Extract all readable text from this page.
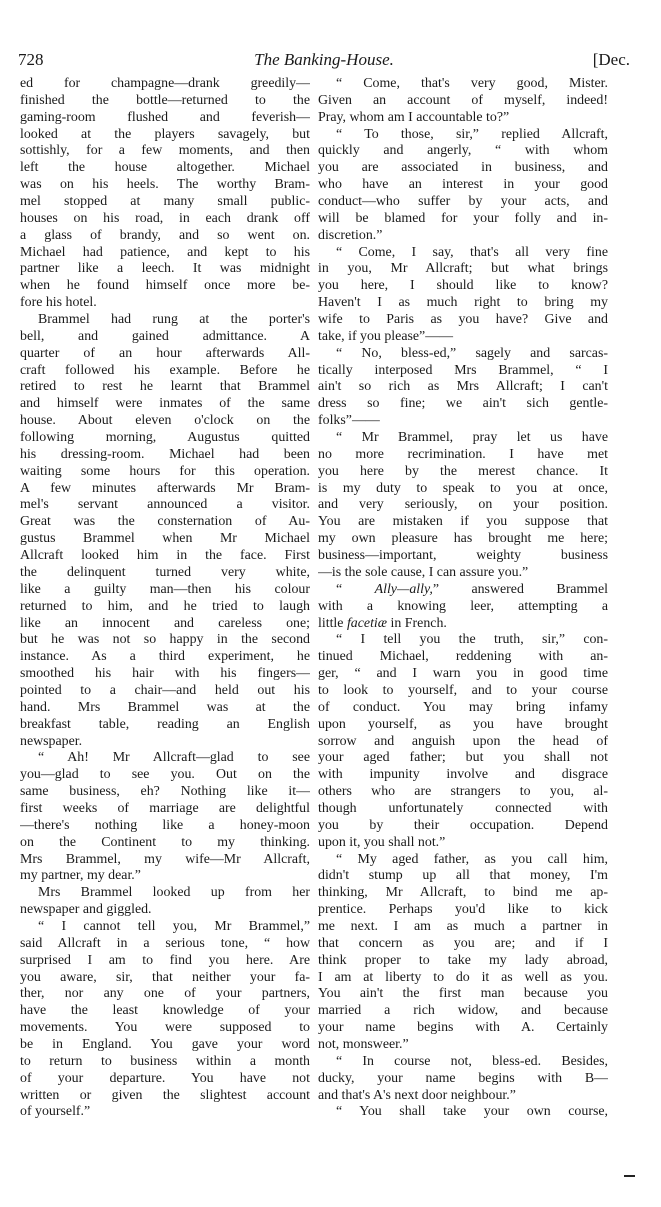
The Banking-House.
728	[Dec.
ed for champagne—drank greedily—
finished the bottle—returned to the
gaming-room flushed and feverish—
looked at the players savagely, but
sottishly, for a few moments, and then
left the house altogether. Michael
was on his heels. The worthy Bram-
mel stopped at many small public-
houses on his road, in each drank off
a glass of brandy, and so went on.
Michael had patience, and kept to his
partner like a leech. It was midnight
when he found himself once more be-
fore his hotel.
Brammel had rung at the porter's
bell, and gained admittance. A
quarter of an hour afterwards All-
craft followed his example. Before he
retired to rest he learnt that Brammel
and himself were inmates of the same
house. About eleven o'clock on the
following morning, Augustus quitted
his dressing-room. Michael had been
waiting some hours for this operation.
A few minutes afterwards Mr Bram-
mel's servant announced a visitor.
Great was the consternation of Au-
gustus Brammel when Mr Michael
Allcraft looked him in the face. First
the delinquent turned very white,
like a guilty man—then his colour
returned to him, and he tried to laugh
like an innocent and careless one;
but he was not so happy in the second
instance. As a third experiment, he
smoothed his hair with his fingers—
pointed to a chair—and held out his
hand. Mrs Brammel was at the
breakfast table, reading an English
newspaper.
“ Ah! Mr Allcraft—glad to see
you—glad to see you. Out on the
same business, eh? Nothing like it—
first weeks of marriage are delightful
—there's nothing like a honey-moon
on the Continent to my thinking.
Mrs Brammel, my wife—Mr Allcraft,
my partner, my dear.”
Mrs Brammel looked up from her
newspaper and giggled.
“ I cannot tell you, Mr Brammel,”
said Allcraft in a serious tone, “ how
surprised I am to find you here. Are
you aware, sir, that neither your fa-
ther, nor any one of your partners,
have the least knowledge of your
movements. You were supposed to
be in England. You gave your word
to return to business within a month
of your departure. You have not
written or given the slightest account
of yourself.”
“ Come, that's very good, Mister.
Given an account of myself, indeed!
Pray, whom am I accountable to?”
“ To those, sir,” replied Allcraft,
quickly and angerly, “ with whom
you are associated in business, and
who have an interest in your good
conduct—who suffer by your acts, and
will be blamed for your folly and in-
discretion.”
“ Come, I say, that's all very fine
in you, Mr Allcraft; but what brings
you here, I should like to know?
Haven't I as much right to bring my
wife to Paris as you have? Give and
take, if you please”——
“ No, bless-ed,” sagely and sarcas-
tically interposed Mrs Brammel, “ I
ain't so rich as Mrs Allcraft; I can't
dress so fine; we ain't sich gentle-
folks”——
“ Mr Brammel, pray let us have
no more recrimination. I have met
you here by the merest chance. It
is my duty to speak to you at once,
and very seriously, on your position.
You are mistaken if you suppose that
my own pleasure has brought me here;
business—important, weighty business
—is the sole cause, I can assure you.”
“ Ally—ally,” answered Brammel
with a knowing leer, attempting a
little facetiæ in French.
“ I tell you the truth, sir,” con-
tinued Michael, reddening with an-
ger, “ and I warn you in good time
to look to yourself, and to your course
of conduct. You may bring infamy
upon yourself, as you have brought
sorrow and anguish upon the head of
your aged father; but you shall not
with impunity involve and disgrace
others who are strangers to you, al-
though unfortunately connected with
you by their occupation. Depend
upon it, you shall not.”
“ My aged father, as you call him,
didn't stump up all that money, I'm
thinking, Mr Allcraft, to bind me ap-
prentice. Perhaps you'd like to kick
me next. I am as much a partner in
that concern as you are; and if I
think proper to take my lady abroad,
I am at liberty to do it as well as you.
You ain't the first man because you
married a rich widow, and because
your name begins with A. Certainly
not, monsweer.”
“ In course not, bless-ed. Besides,
ducky, your name begins with B—
and that's A's next door neighbour.”
“ You shall take your own course,
